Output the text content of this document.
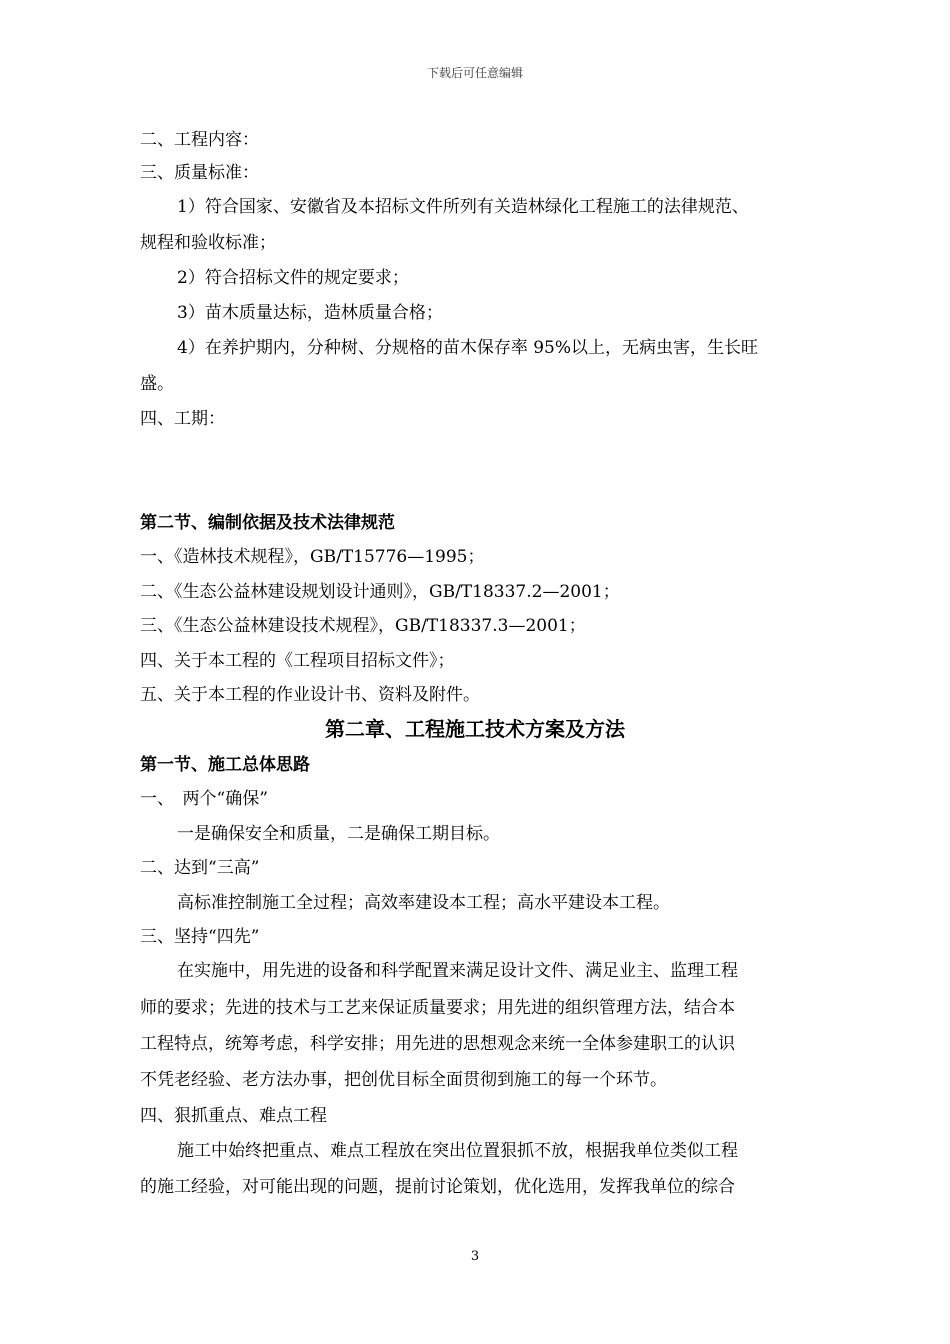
下载后可任意编辑
二、工程内容：
三、质量标准：
1）符合国家、安徽省及本招标文件所列有关造林绿化工程施工的法律规范、
规程和验收标准；
2）符合招标文件的规定要求；
3）苗木质量达标，造林质量合格；
4）在养护期内，分种树、分规格的苗木保存率 95%以上，无病虫害，生长旺
盛。
四、工期：
第二节、编制依据及技术法律规范
一、《造林技术规程》，GB/T15776—1995；
二、《生态公益林建设规划设计通则》，GB/T18337.2—2001；
三、《生态公益林建设技术规程》，GB/T18337.3—2001；
四、关于本工程的《工程项目招标文件》；
五、关于本工程的作业设计书、资料及附件。
第二章、工程施工技术方案及方法
第一节、施工总体思路
一、　两个“确保”
一是确保安全和质量，二是确保工期目标。
二、达到“三高”
高标准控制施工全过程；高效率建设本工程；高水平建设本工程。
三、坚持“四先”
在实施中，用先进的设备和科学配置来满足设计文件、满足业主、监理工程
师的要求；先进的技术与工艺来保证质量要求；用先进的组织管理方法，结合本
工程特点，统筹考虑，科学安排；用先进的思想观念来统一全体参建职工的认识
不凭老经验、老方法办事，把创优目标全面贯彻到施工的每一个环节。
四、狠抓重点、难点工程
施工中始终把重点、难点工程放在突出位置狠抓不放，根据我单位类似工程
的施工经验，对可能出现的问题，提前讨论策划，优化选用，发挥我单位的综合
3
